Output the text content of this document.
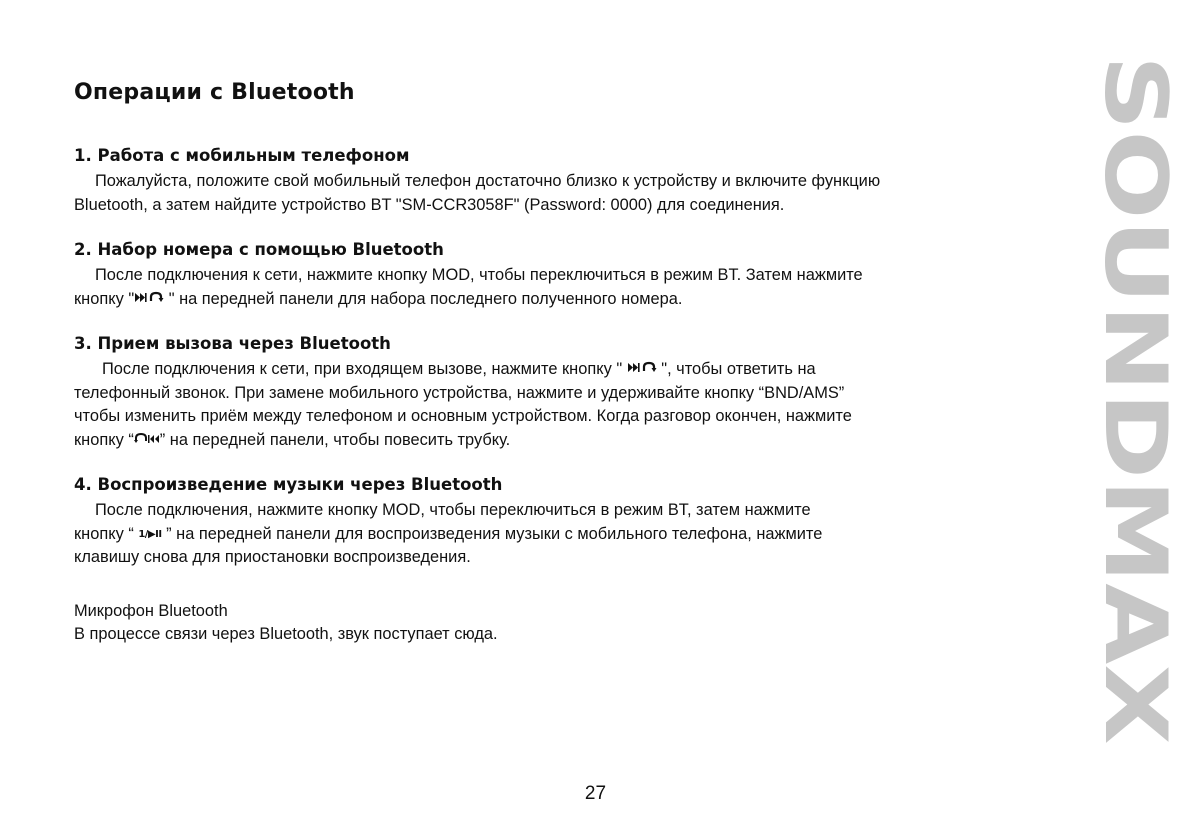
Операции с Bluetooth
1. Работа с мобильным телефоном
Пожалуйста, положите свой мобильный телефон достаточно близко к устройству и включите функцию
Bluetooth, а затем найдите устройство BT "SM-CCR3058F" (Password: 0000) для соединения.
2. Набор номера с помощью Bluetooth
После подключения к сети, нажмите кнопку MOD, чтобы переключиться в режим BT. Затем нажмите
кнопку " " на передней панели для набора последнего полученного номера.
3. Прием вызова через Bluetooth
После подключения к сети, при входящем вызове, нажмите кнопку "  ", чтобы ответить на
телефонный звонок. При замене мобильного устройства, нажмите и удерживайте кнопку “BND/AMS”
чтобы изменить приём между телефоном и основным устройством. Когда разговор окончен, нажмите
кнопку “ ” на передней панели, чтобы повесить трубку.
4. Воспроизведение музыки через Bluetooth
После подключения, нажмите кнопку MOD, чтобы переключиться в режим BT, затем нажмите
кнопку “ 1/▶II ” на передней панели для воспроизведения музыки с мобильного телефона, нажмите
клавишу снова для приостановки воспроизведения.
Микрофон Bluetooth
В процессе связи через Bluetooth, звук поступает сюда.
SOUNDMAX
27
